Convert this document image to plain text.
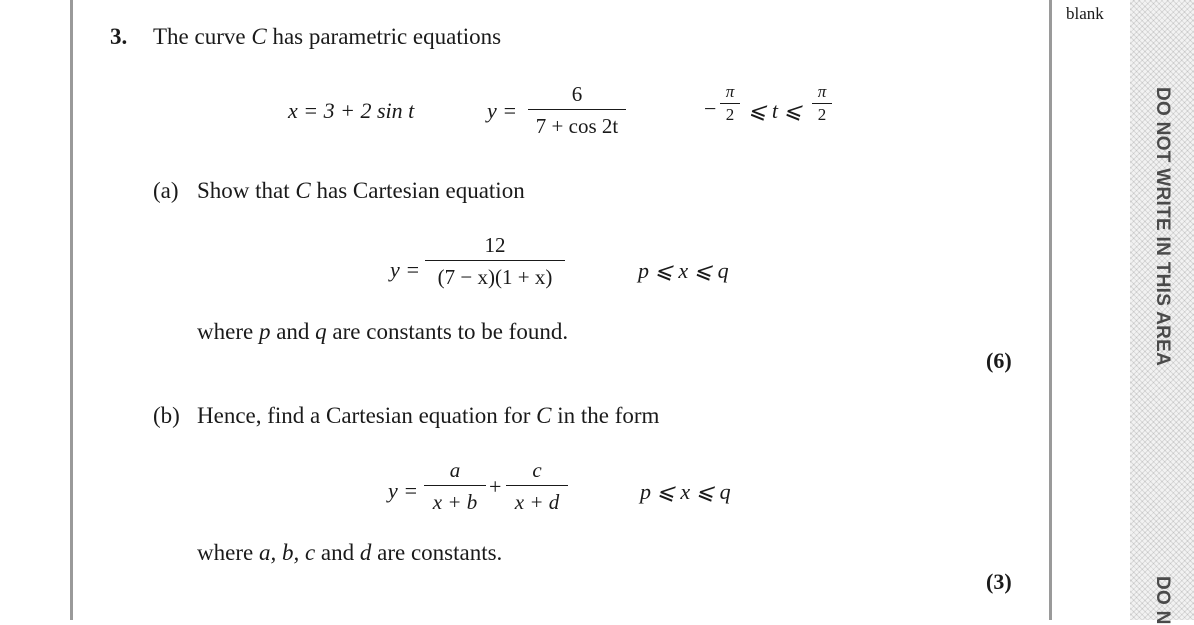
blank
DO NOT WRITE IN THIS AREA
DO N
3. The curve C has parametric equations
x = 3 + 2 sin t	y =
6
7 + cos 2t
−
π
2 ⩽ t ⩽
π
2
(a) Show that C has Cartesian equation
y =
12
(7 − x)(1 + x)	p ⩽ x ⩽ q
where p and q are constants to be found.
(6)
(b) Hence, find a Cartesian equation for C in the form
y =
a
x + b
+
c
x + d	p ⩽ x ⩽ q
where a, b, c and d are constants.
(3)
